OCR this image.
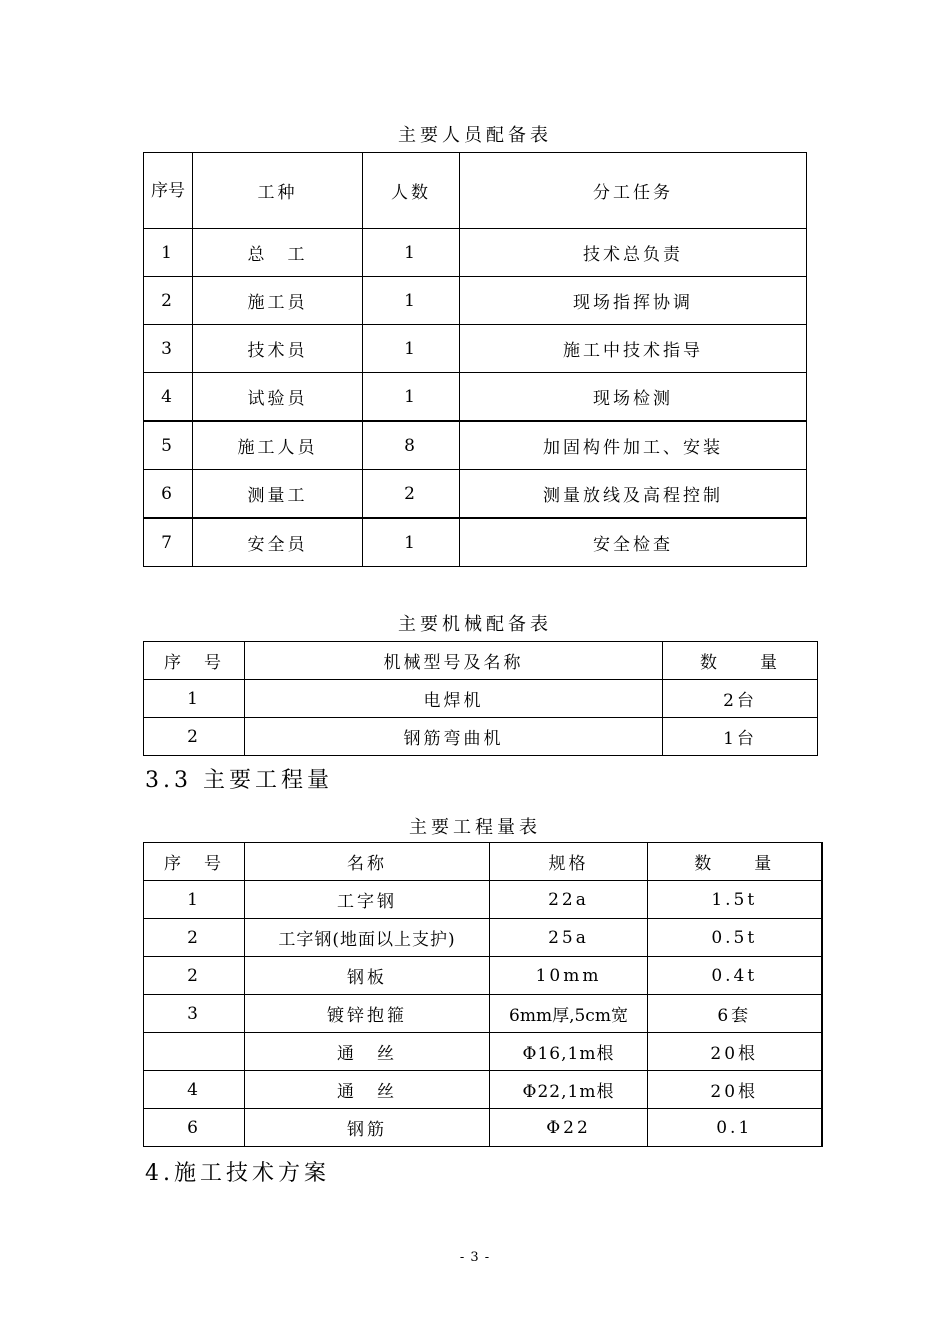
主要人员配备表
序号	工种	人数	分工任务
1	总　工	1	技术总负责
2	施工员	1	现场指挥协调
3	技术员	1	施工中技术指导
4	试验员	1	现场检测
5	施工人员	8	加固构件加工、安装
6	测量工	2	测量放线及高程控制
7	安全员	1	安全检查
主要机械配备表
序　号	机械型号及名称	数　　量
1	电焊机	2台
2	钢筋弯曲机	1台
3.3 主要工程量
主要工程量表
序　号	名称	规格	数　　量
1	工字钢	22a	1.5t
2	工字钢(地面以上支护)	25a	0.5t
2	钢板	10mm	0.4t
3	镀锌抱箍	6mm厚,5cm宽	6套
	通　丝	Φ16,1m根	20根
4	通　丝	Φ22,1m根	20根
6	钢筋	Φ22	0.1
4.施工技术方案
- 3 -
